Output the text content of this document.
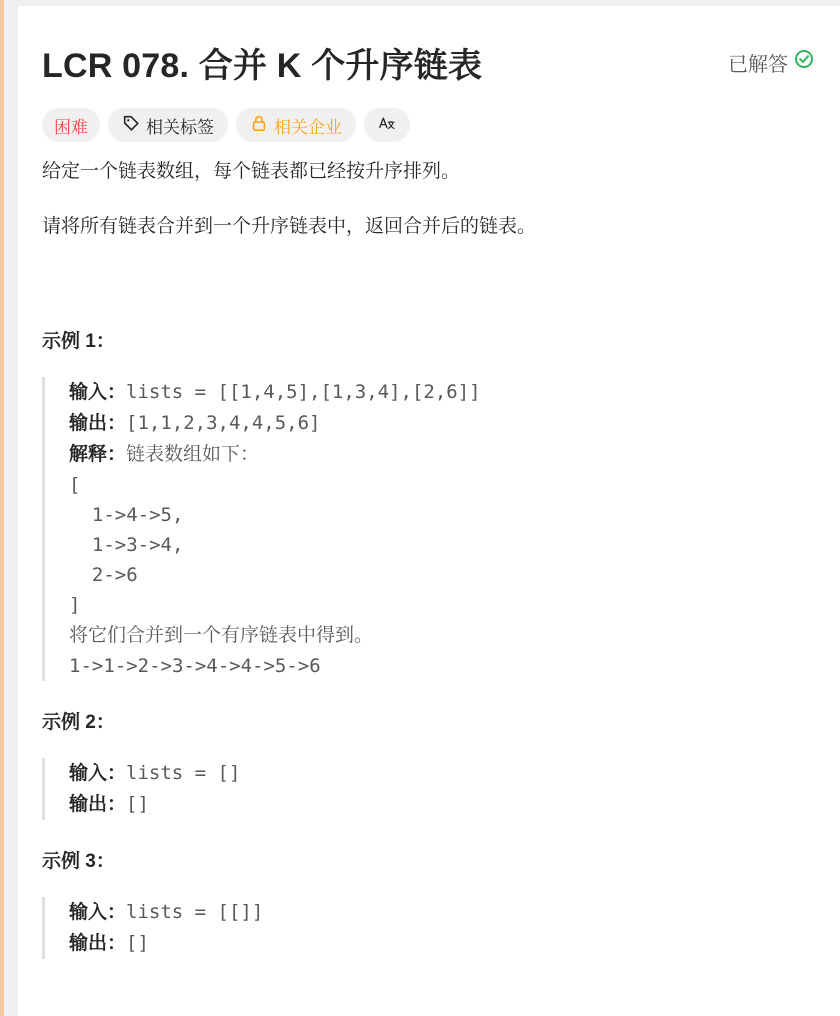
LCR 078. 合并 K 个升序链表	已解答
困难	相关标签	相关企业

给定一个链表数组，每个链表都已经按升序排列。

请将所有链表合并到一个升序链表中，返回合并后的链表。

示例 1：
输入：lists = [[1,4,5],[1,3,4],[2,6]]
输出：[1,1,2,3,4,4,5,6]
解释：链表数组如下：
[
1->4->5,
1->3->4,
2->6
]
将它们合并到一个有序链表中得到。
1->1->2->3->4->4->5->6
示例 2：
输入：lists = []
输出：[]
示例 3：
输入：lists = [[]]
输出：[]
